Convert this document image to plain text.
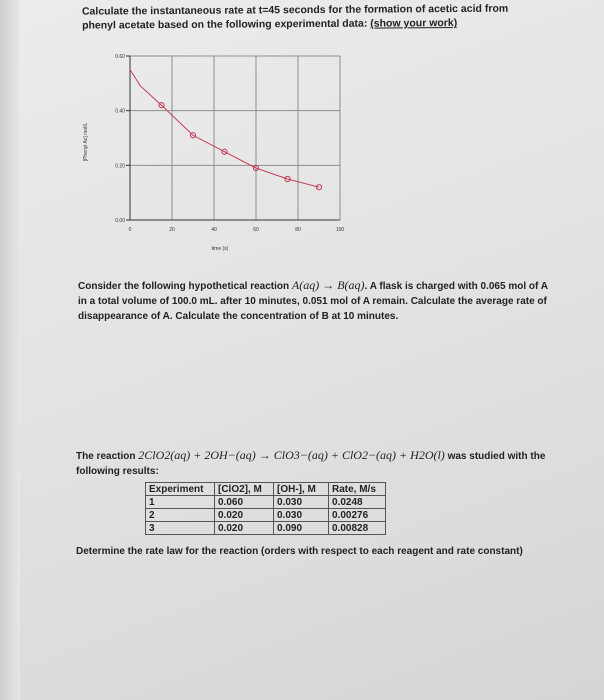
Calculate the instantaneous rate at t=45 seconds for the formation of acetic acid from phenyl acetate based on the following experimental data: (show your work)
0	20	40	60	80	100
0.00
0.20
0.40
0.60
[Phenyl Ac] mol/L
time (s)
Consider the following hypothetical reaction A(aq) → B(aq). A flask is charged with 0.065 mol of A in a total volume of 100.0 mL. after 10 minutes, 0.051 mol of A remain. Calculate the average rate of disappearance of A. Calculate the concentration of B at 10 minutes.
The reaction 2ClO2(aq) + 2OH−(aq) → ClO3−(aq) + ClO2−(aq) + H2O(l) was studied with the following results:
Experiment	[ClO2], M	[OH-], M	Rate, M/s
1	0.060	0.030	0.0248
2	0.020	0.030	0.00276
3	0.020	0.090	0.00828
Determine the rate law for the reaction (orders with respect to each reagent and rate constant)
